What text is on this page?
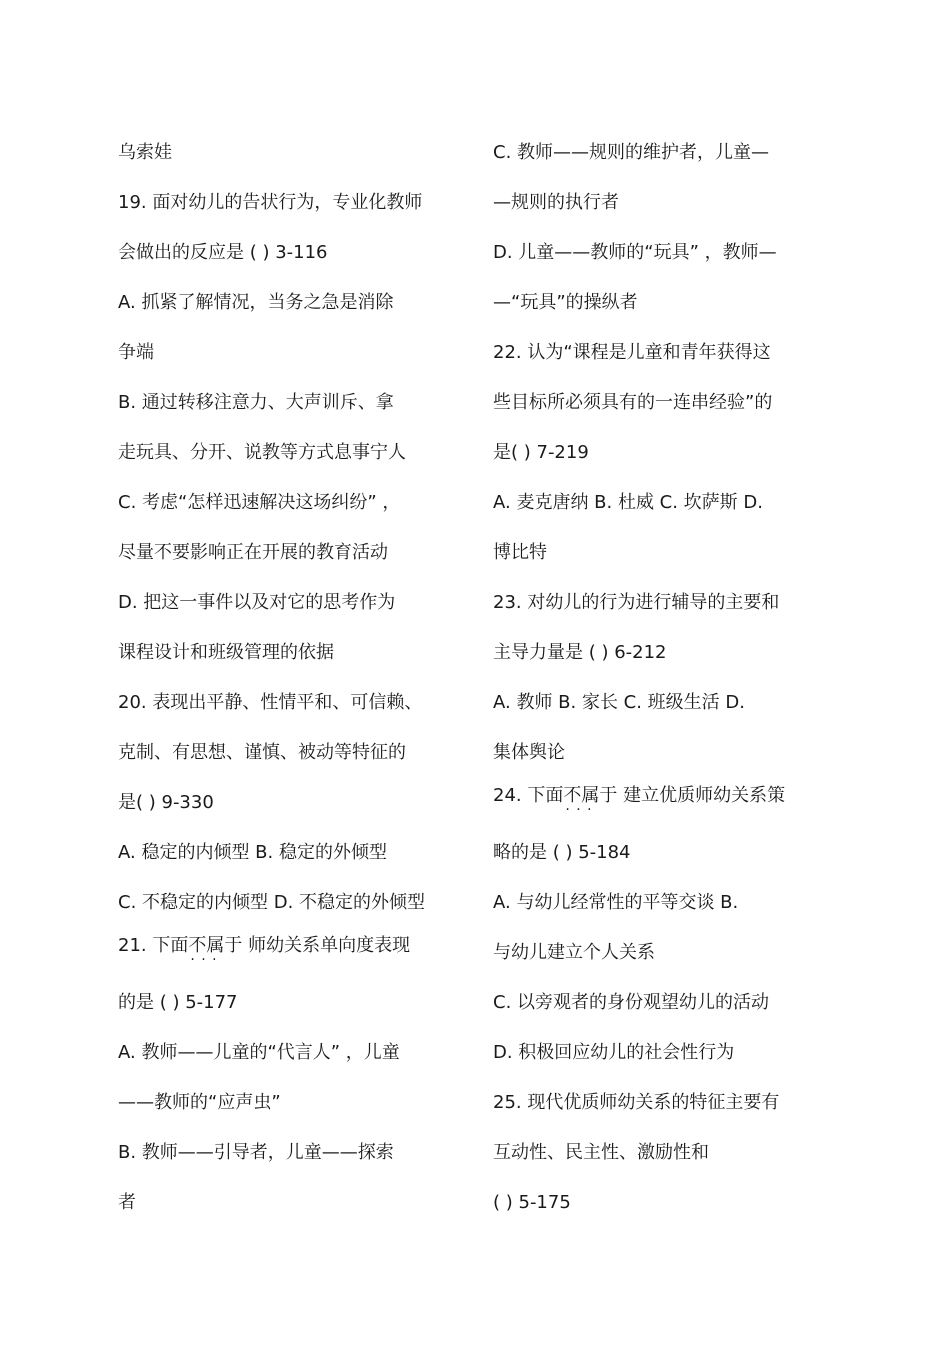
乌索娃
19. 面对幼儿的告状行为，专业化教师
会做出的反应是 ( ) 3-116
A. 抓紧了解情况，当务之急是消除
争端
B. 通过转移注意力、大声训斥、拿
走玩具、分开、说教等方式息事宁人
C. 考虑“怎样迅速解决这场纠纷” ，
尽量不要影响正在开展的教育活动
D. 把这一事件以及对它的思考作为
课程设计和班级管理的依据
20. 表现出平静、性情平和、可信赖、
克制、有思想、谨慎、被动等特征的
是( ) 9-330
A. 稳定的内倾型 B. 稳定的外倾型
C. 不稳定的内倾型 D. 不稳定的外倾型
21. 下面不属于 · · · 师幼关系单向度表现
的是 ( ) 5-177
A. 教师——儿童的“代言人” ，儿童
——教师的“应声虫”
B. 教师——引导者，儿童——探索
者
C. 教师——规则的维护者，儿童—
—规则的执行者
D. 儿童——教师的“玩具” ，教师—
—“玩具”的操纵者
22. 认为“课程是儿童和青年获得这
些目标所必须具有的一连串经验”的
是( ) 7-219
A. 麦克唐纳 B. 杜威 C. 坎萨斯 D.
博比特
23. 对幼儿的行为进行辅导的主要和
主导力量是 ( ) 6-212
A. 教师 B. 家长 C. 班级生活 D.
集体舆论
24. 下面不属于 · · · 建立优质师幼关系策
略的是 ( ) 5-184
A. 与幼儿经常性的平等交谈 B.
与幼儿建立个人关系
C. 以旁观者的身份观望幼儿的活动
D. 积极回应幼儿的社会性行为
25. 现代优质师幼关系的特征主要有
互动性、民主性、激励性和
( ) 5-175
